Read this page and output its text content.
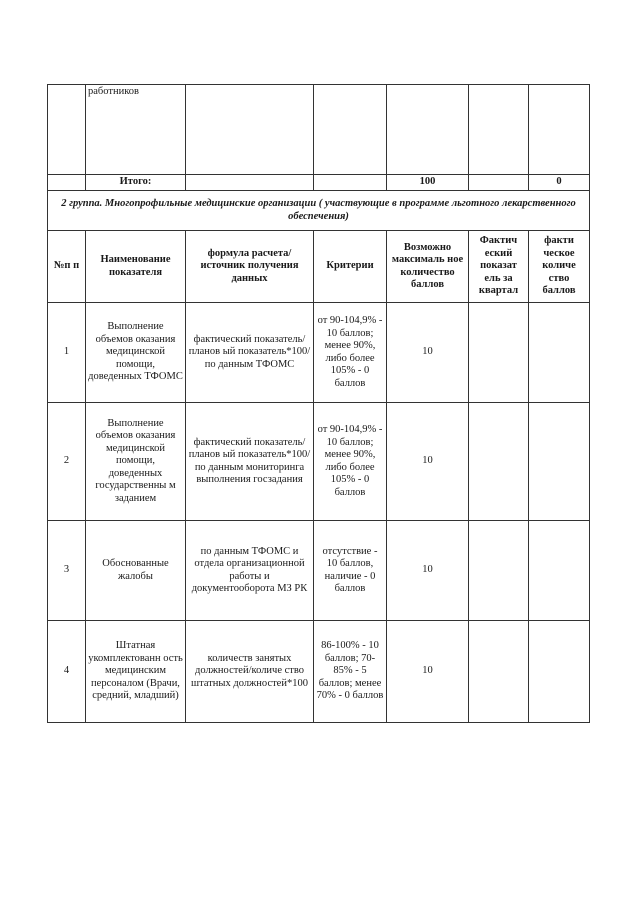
	работников					
	Итого:			100		0
2 группа. Многопрофильные медицинские организации ( участвующие в программе льготного лекарственного обеспечения)						
№п п	Наименование показателя	формула расчета/источник получения данных	Критерии	Возможно максималь ное количество баллов	Фактич еский показат ель за квартал	факти ческое количе ство баллов
1	Выполнение объемов оказания медицинской помощи, доведенных ТФОМС	фактический показатель/планов ый показатель*100/по данным ТФОМС	от 90-104,9% - 10 баллов; менее 90%, либо более 105% - 0 баллов	10		
2	Выполнение объемов оказания медицинской помощи, доведенных государственны м заданием	фактический показатель/планов ый показатель*100/по данным мониторинга выполнения госзадания	от 90-104,9% - 10 баллов; менее 90%, либо более 105% - 0 баллов	10		
3	Обоснованные жалобы	по данным ТФОМС и отдела организационной работы и документооборота МЗ РК	отсутствие - 10 баллов, наличие - 0 баллов	10		
4	Штатная укомплектованн ость медицинским персоналом (Врачи, средний, младший)	количеств занятых должностей/количе ство штатных должностей*100	86-100% - 10 баллов; 70-85% - 5 баллов; менее 70% - 0 баллов	10		
